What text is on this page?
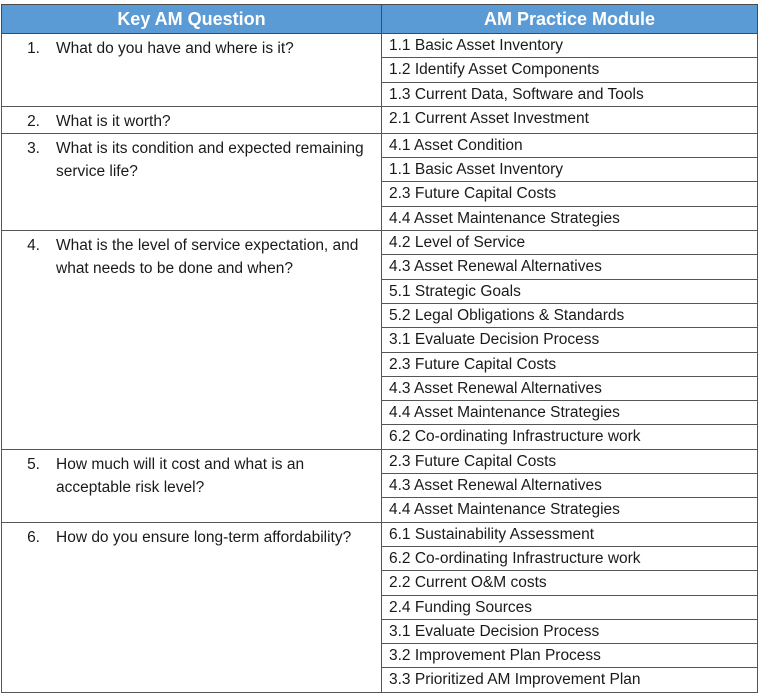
Key AM Question	AM Practice Module

1. What do you have and where is it?	1.1 Basic Asset Inventory
	1.2 Identify Asset Components
	1.3 Current Data, Software and Tools

2. What is it worth?	2.1 Current Asset Investment

3. What is its condition and expected remaining service life?	4.1 Asset Condition
	1.1 Basic Asset Inventory
	2.3 Future Capital Costs
	4.4 Asset Maintenance Strategies

4. What is the level of service expectation, and what needs to be done and when?	4.2 Level of Service
	4.3 Asset Renewal Alternatives
	5.1 Strategic Goals
	5.2 Legal Obligations & Standards
	3.1 Evaluate Decision Process
	2.3 Future Capital Costs
	4.3 Asset Renewal Alternatives
	4.4 Asset Maintenance Strategies
	6.2 Co-ordinating Infrastructure work

5. How much will it cost and what is an acceptable risk level?	2.3 Future Capital Costs
	4.3 Asset Renewal Alternatives
	4.4 Asset Maintenance Strategies

6. How do you ensure long-term affordability?	6.1 Sustainability Assessment
	6.2 Co-ordinating Infrastructure work
	2.2 Current O&M costs
	2.4 Funding Sources
	3.1 Evaluate Decision Process
	3.2 Improvement Plan Process
	3.3 Prioritized AM Improvement Plan
